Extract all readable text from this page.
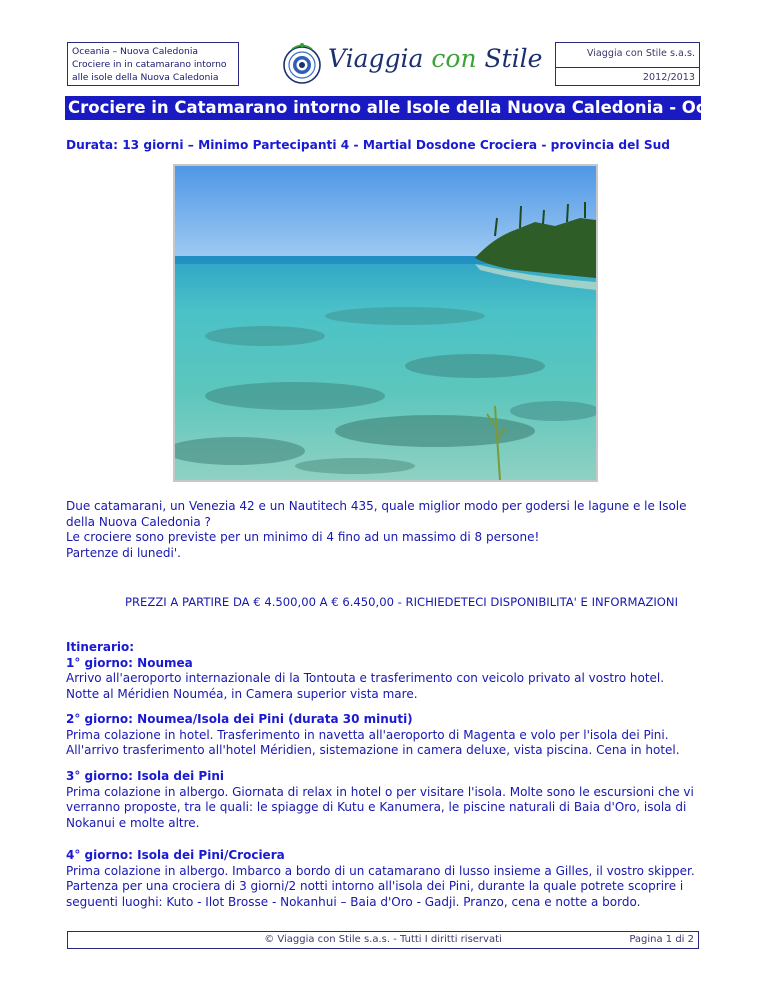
Oceania – Nuova Caledonia
Crociere in in catamarano intorno
alle isole della Nuova Caledonia
Viaggia con Stile	Viaggia con Stile s.a.s.
2012/2013
Crociere in Catamarano intorno alle Isole della Nuova Caledonia - Oceania
Durata: 13 giorni – Minimo Partecipanti 4 - Martial Dosdone Crociera - provincia del Sud
Due catamarani, un Venezia 42 e un Nautitech 435, quale miglior modo per godersi le lagune e le Isole
della Nuova Caledonia ?
Le crociere sono previste per un minimo di 4 fino ad un massimo di 8 persone!
Partenze di lunedi'.
PREZZI A PARTIRE DA € 4.500,00 A € 6.450,00 - RICHIEDETECI DISPONIBILITA' E INFORMAZIONI
Itinerario:
1° giorno: Noumea
Arrivo all'aeroporto internazionale di la Tontouta e trasferimento con veicolo privato al vostro hotel.
Notte al Méridien Nouméa, in Camera superior vista mare.
2° giorno: Noumea/Isola dei Pini (durata 30 minuti)
Prima colazione in hotel. Trasferimento in navetta all'aeroporto di Magenta e volo per l'isola dei Pini.
All'arrivo trasferimento all'hotel Méridien, sistemazione in camera deluxe, vista piscina. Cena in hotel.
3° giorno: Isola dei Pini
Prima colazione in albergo. Giornata di relax in hotel o per visitare l'isola. Molte sono le escursioni che vi
verranno proposte, tra le quali: le spiagge di Kutu e Kanumera, le piscine naturali di Baia d'Oro, isola di
Nokanui e molte altre.
4° giorno: Isola dei Pini/Crociera
Prima colazione in albergo. Imbarco a bordo di un catamarano di lusso insieme a Gilles, il vostro skipper.
Partenza per una crociera di 3 giorni/2 notti intorno all'isola dei Pini, durante la quale potrete scoprire i
seguenti luoghi: Kuto - Ilot Brosse - Nokanhui – Baia d'Oro - Gadji. Pranzo, cena e notte a bordo.
© Viaggia con Stile s.a.s. - Tutti I diritti riservati	Pagina 1 di 2
